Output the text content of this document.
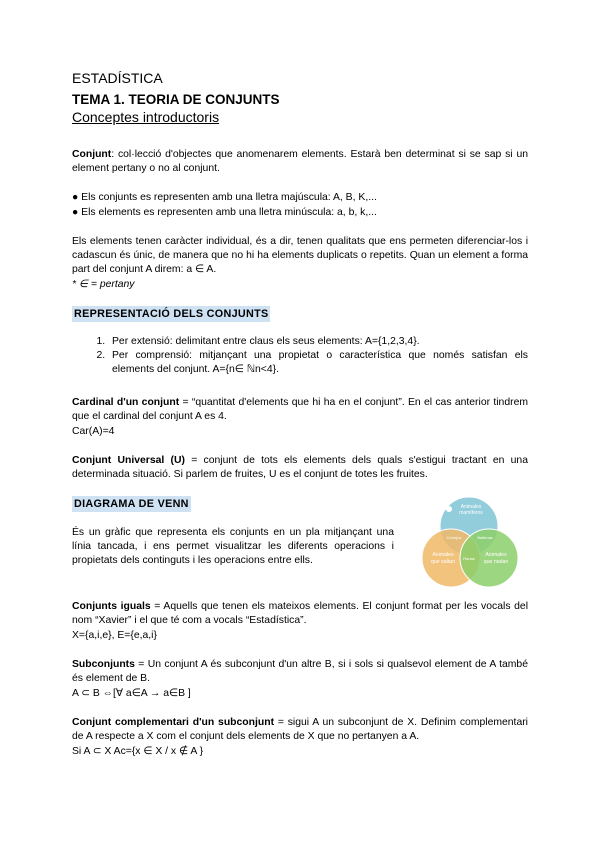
ESTADÍSTICA
TEMA 1. TEORIA DE CONJUNTS
Conceptes introductoris
Conjunt: col·lecció d'objectes que anomenarem elements. Estarà ben determinat si se sap si un element pertany o no al conjunt.
● Els conjunts es representen amb una lletra majúscula: A, B, K,...
● Els elements es representen amb una lletra minúscula: a, b, k,...
Els elements tenen caràcter individual, és a dir, tenen qualitats que ens permeten diferenciar-los i cadascun és únic, de manera que no hi ha elements duplicats o repetits. Quan un element a forma part del conjunt A direm: a ∈ A.
* ∈ = pertany
REPRESENTACIÓ DELS CONJUNTS
1. Per extensió: delimitant entre claus els seus elements: A={1,2,3,4}.
2. Per comprensió: mitjançant una propietat o característica que només satisfan els elements del conjunt. A={n∈ ℕn<4}.
Cardinal d'un conjunt = “quantitat d'elements que hi ha en el conjunt”. En el cas anterior tindrem que el cardinal del conjunt A es 4.
Car(A)=4
Conjunt Universal (U) = conjunt de tots els elements dels quals s'estigui tractant en una determinada situació. Si parlem de fruites, U es el conjunt de totes les fruites.
DIAGRAMA DE VENN
És un gràfic que representa els conjunts en un pla mitjançant una línia tancada, i ens permet visualitzar les diferents operacions i propietats dels continguts i les operacions entre ells.
Animales mamíferos
Animales que saltan
Animales que nadan
Conejos	Ballenas
Ranas
Conjunts iguals = Aquells que tenen els mateixos elements. El conjunt format per les vocals del nom “Xavier” i el que té com a vocals “Estadística”.
X={a,i,e}, E={e,a,i}
Subconjunts = Un conjunt A és subconjunt d'un altre B, si i sols si qualsevol element de A també és element de B.
A ⊂ B ⇔[∀ a∈A → a∈B ]
Conjunt complementari d'un subconjunt = sigui A un subconjunt de X. Definim complementari de A respecte a X com el conjunt dels elements de X que no pertanyen a A.
Si A ⊂ X Ac={x ∈ X / x ∉ A }
